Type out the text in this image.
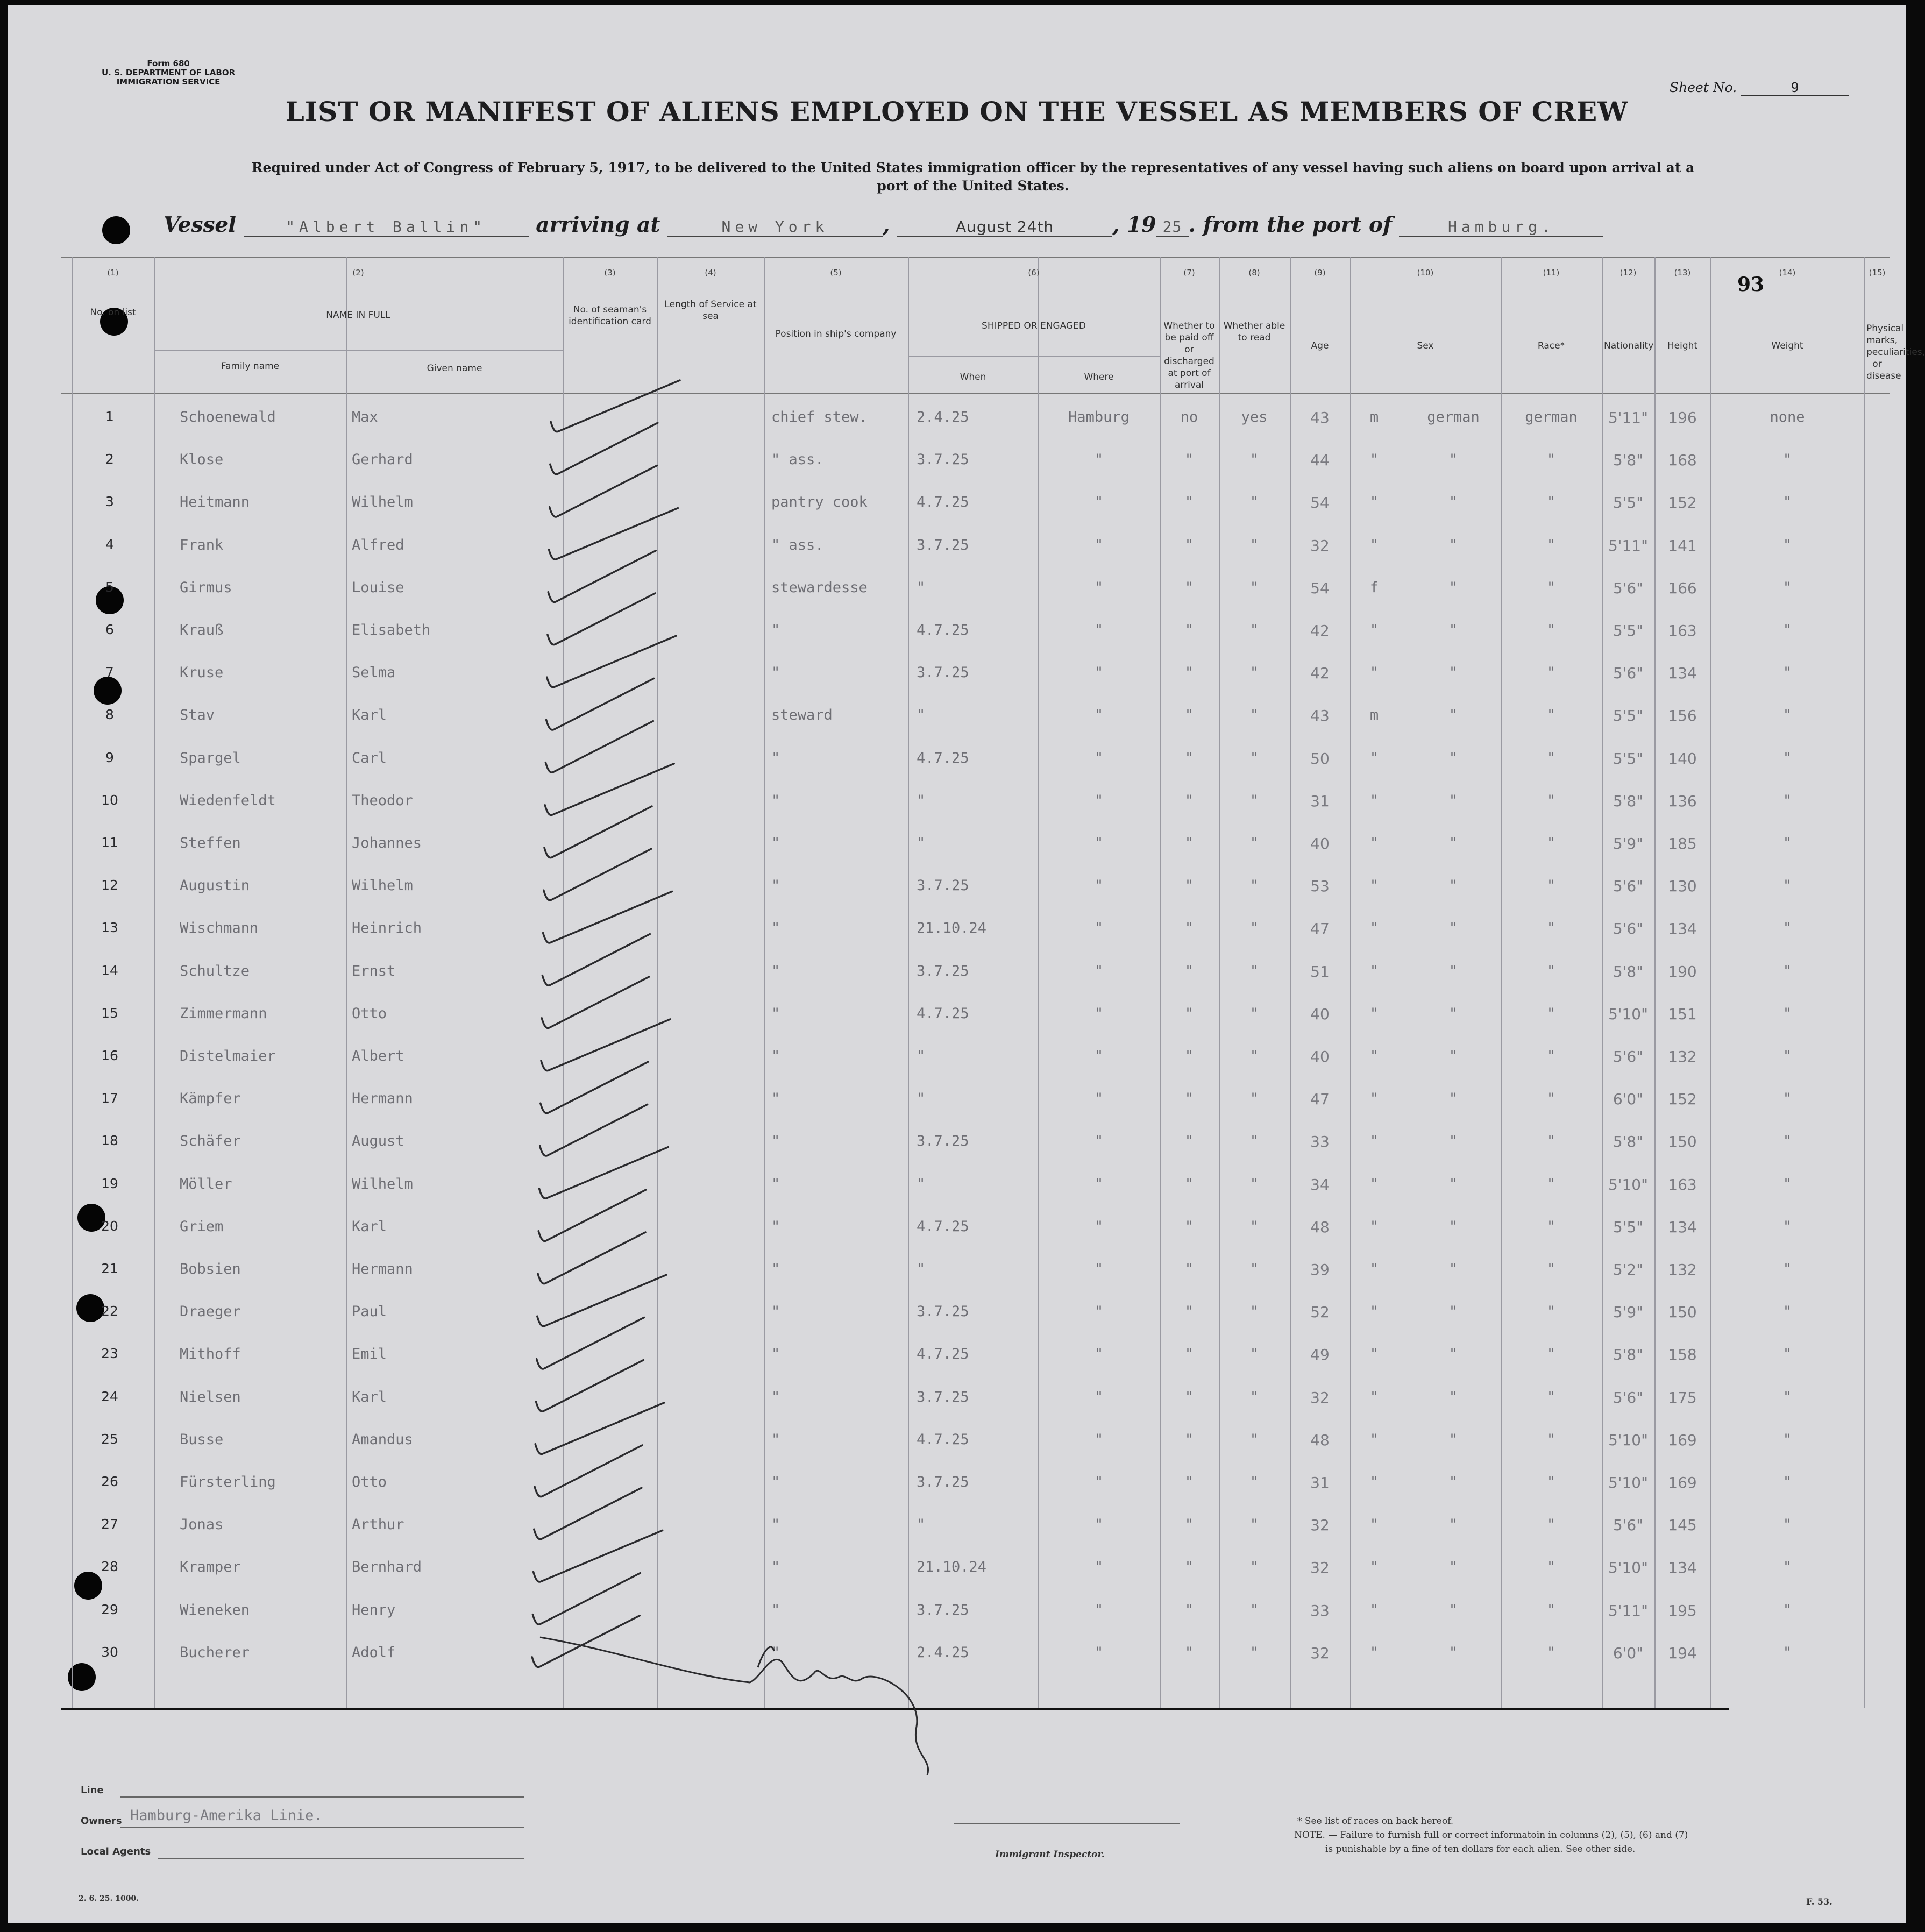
Form 680
U. S. DEPARTMENT OF LABOR
IMMIGRATION SERVICE	Sheet No.	9
LIST OR MANIFEST OF ALIENS EMPLOYED ON THE VESSEL AS MEMBERS OF CREW
Required under Act of Congress of February 5, 1917, to be delivered to the United States immigration officer by the representatives of any vessel having such aliens on board upon arrival at a port of the United States.
Vessel	"Albert Ballin" arriving at	New York	,	August 24th	, 19 25 . from the port of	Hamburg.
93
(1)
No. on list
(2)
NAME IN FULL
(3)
No. of seaman's identification card
(4)
Length of Service at sea
(5)
Position in ship's company
(6)
SHIPPED OR ENGAGED
(7)
Whether to be paid off or discharged at port of arrival
(8)
Whether able to read
(9)
Age
(10)
Sex
(11)
Race*
(12)
Nationality
(13)
Height
(14)
Weight
(15)
Physical marks, peculiarities, or disease
Family name	Given name
When	Where
1	Schoenewald	Max	chief stew.	2.4.25	Hamburg	no	yes	43	m	german	german	5'11"	196	none
2	Klose	Gerhard	" ass.	3.7.25	"	"	"	44	"	"	"	5'8"	168	"
3	Heitmann	Wilhelm	pantry cook	4.7.25	"	"	"	54	"	"	"	5'5"	152	"
4	Frank	Alfred	" ass.	3.7.25	"	"	"	32	"	"	"	5'11"	141	"
5	Girmus	Louise	stewardesse	"	"	"	"	54	f	"	"	5'6"	166	"
6	Krauß	Elisabeth	"	4.7.25	"	"	"	42	"	"	"	5'5"	163	"
7	Kruse	Selma	"	3.7.25	"	"	"	42	"	"	"	5'6"	134	"
8	Stav	Karl	steward	"	"	"	"	43	m	"	"	5'5"	156	"
9	Spargel	Carl	"	4.7.25	"	"	"	50	"	"	"	5'5"	140	"
10	Wiedenfeldt	Theodor	"	"	"	"	"	31	"	"	"	5'8"	136	"
11	Steffen	Johannes	"	"	"	"	"	40	"	"	"	5'9"	185	"
12	Augustin	Wilhelm	"	3.7.25	"	"	"	53	"	"	"	5'6"	130	"
13	Wischmann	Heinrich	"	21.10.24	"	"	"	47	"	"	"	5'6"	134	"
14	Schultze	Ernst	"	3.7.25	"	"	"	51	"	"	"	5'8"	190	"
15	Zimmermann	Otto	"	4.7.25	"	"	"	40	"	"	"	5'10"	151	"
16	Distelmaier	Albert	"	"	"	"	"	40	"	"	"	5'6"	132	"
17	Kämpfer	Hermann	"	"	"	"	"	47	"	"	"	6'0"	152	"
18	Schäfer	August	"	3.7.25	"	"	"	33	"	"	"	5'8"	150	"
19	Möller	Wilhelm	"	"	"	"	"	34	"	"	"	5'10"	163	"
20	Griem	Karl	"	4.7.25	"	"	"	48	"	"	"	5'5"	134	"
21	Bobsien	Hermann	"	"	"	"	"	39	"	"	"	5'2"	132	"
22	Draeger	Paul	"	3.7.25	"	"	"	52	"	"	"	5'9"	150	"
23	Mithoff	Emil	"	4.7.25	"	"	"	49	"	"	"	5'8"	158	"
24	Nielsen	Karl	"	3.7.25	"	"	"	32	"	"	"	5'6"	175	"
25	Busse	Amandus	"	4.7.25	"	"	"	48	"	"	"	5'10"	169	"
26	Fürsterling	Otto	"	3.7.25	"	"	"	31	"	"	"	5'10"	169	"
27	Jonas	Arthur	"	"	"	"	"	32	"	"	"	5'6"	145	"
28	Kramper	Bernhard	"	21.10.24	"	"	"	32	"	"	"	5'10"	134	"
29	Wieneken	Henry	"	3.7.25	"	"	"	33	"	"	"	5'11"	195	"
30	Bucherer	Adolf	"	2.4.25	"	"	"	32	"	"	"	6'0"	194	"
Line
Owners Hamburg-Amerika Linie.
Local Agents	Immigrant Inspector.
* See list of races on back hereof.
NOTE. — Failure to furnish full or correct informatoin in columns (2), (5), (6) and (7)
is punishable by a fine of ten dollars for each alien. See other side.
2. 6. 25. 1000.	F. 53.
